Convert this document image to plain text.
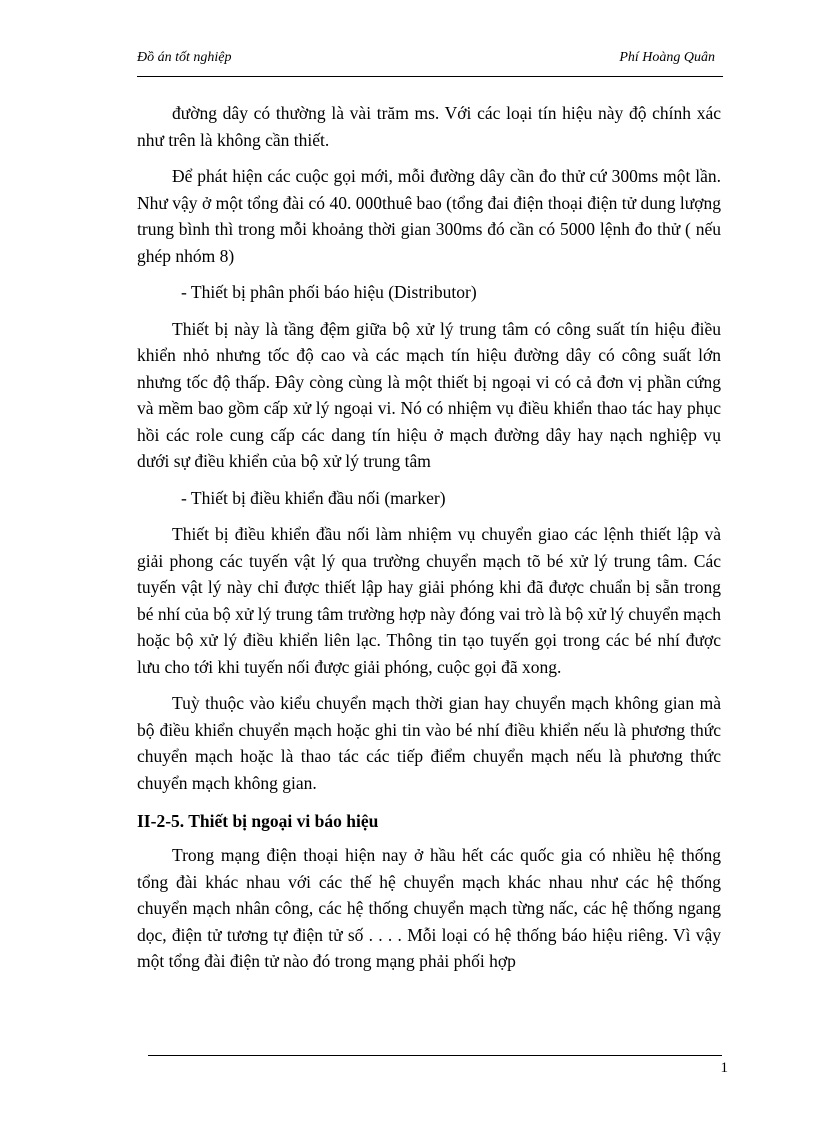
Đồ án tốt nghiệp	Phí Hoàng Quân

đường dây có thường là vài trăm ms. Với các loại tín hiệu này độ chính xác như trên là không cần thiết.

Để phát hiện các cuộc gọi mới, mỗi đường dây cần đo thử cứ 300ms một lần. Như vậy ở một tổng đài có 40. 000thuê bao (tổng đai điện thoại điện tử dung lượng trung bình thì trong mỗi khoảng thời gian 300ms đó cần có 5000 lệnh đo thử ( nếu ghép nhóm 8)

- Thiết bị phân phối báo hiệu (Distributor)

Thiết bị này là tầng đệm giữa bộ xử lý trung tâm có công suất tín hiệu điều khiển nhỏ nhưng tốc độ cao và các mạch tín hiệu đường dây có công suất lớn nhưng tốc độ thấp. Đây còng cùng là một thiết bị ngoại vi có cả đơn vị phần cứng và mềm bao gồm cấp xử lý ngoại vi. Nó có nhiệm vụ điều khiển thao tác hay phục hồi các role cung cấp các dang tín hiệu ở mạch đường dây hay nạch nghiệp vụ dưới sự điều khiển của bộ xử lý trung tâm

- Thiết bị điều khiển đầu nối (marker)

Thiết bị điều khiển đầu nối làm nhiệm vụ chuyển giao các lệnh thiết lập và giải phong các tuyến vật lý qua trường chuyển mạch tõ bé xử lý trung tâm. Các tuyến vật lý này chỉ được thiết lập hay giải phóng khi đã được chuẩn bị sẵn trong bé nhí của bộ xử lý trung tâm trường hợp này đóng vai trò là bộ xử lý chuyển mạch hoặc bộ xử lý điều khiển liên lạc. Thông tin tạo tuyến gọi trong các bé nhí được lưu cho tới khi tuyến nối được giải phóng, cuộc gọi đã xong.

Tuỳ thuộc vào kiểu chuyển mạch thời gian hay chuyển mạch không gian mà bộ điều khiển chuyển mạch hoặc ghi tin vào bé nhí điều khiển nếu là phương thức chuyển mạch hoặc là thao tác các tiếp điểm chuyển mạch nếu là phương thức chuyển mạch không gian.

II-2-5. Thiết bị ngoại vi báo hiệu

Trong mạng điện thoại hiện nay ở hầu hết các quốc gia có nhiều hệ thống tổng đài khác nhau với các thế hệ chuyển mạch khác nhau như các hệ thống chuyển mạch nhân công, các hệ thống chuyển mạch từng nấc, các hệ thống ngang dọc, điện tử tương tự điện tử số . . . . Mỗi loại có hệ thống báo hiệu riêng. Vì vậy một tổng đài điện tử nào đó trong mạng phải phối hợp

1
